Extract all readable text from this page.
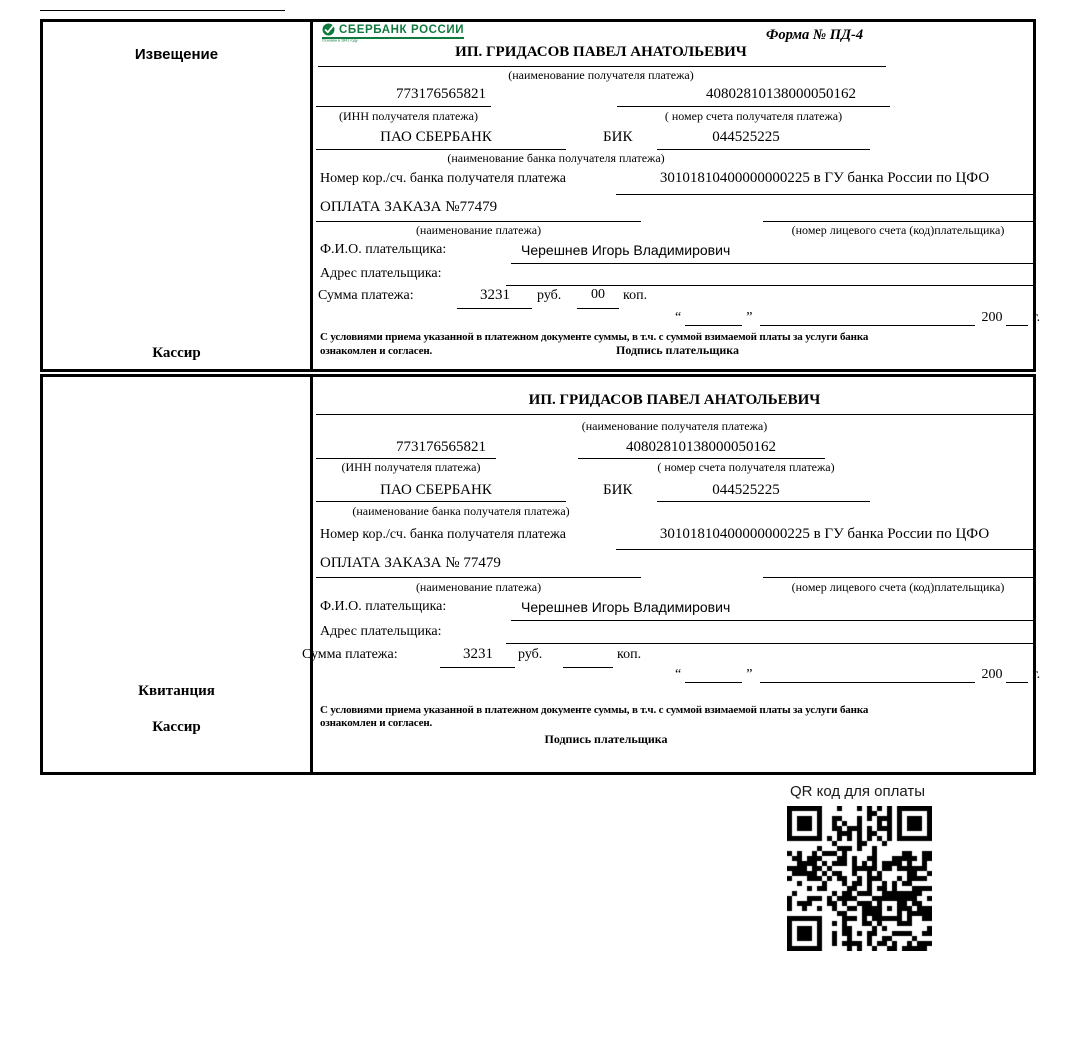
Извещение
Кассир
СБЕРБАНК РОССИИ
Основан в 1841 году	Форма № ПД-4
ИП. ГРИДАСОВ ПАВЕЛ АНАТОЛЬЕВИЧ
(наименование получателя платежа)
773176565821	40802810138000050162
(ИНН получателя платежа)	( номер счета получателя платежа)
ПАО СБЕРБАНК	БИК	044525225
(наименование банка получателя платежа)
Номер кор./сч. банка получателя платежа	30101810400000000225 в ГУ банка России по ЦФО
ОПЛАТА ЗАКАЗА №77479
(наименование платежа)	(номер лицевого счета (код)плательщика)
Ф.И.О. плательщика:	Черешнев Игорь Владимирович
Адрес плательщика:
Сумма платежа:	3231	руб.	00	коп.
“	”	200 г.
С условиями приема указанной в платежном документе суммы, в т.ч. с суммой взимаемой платы за услуги банка
ознакомлен и согласен.	Подпись плательщика
Квитанция
Кассир
ИП. ГРИДАСОВ ПАВЕЛ АНАТОЛЬЕВИЧ
(наименование получателя платежа)
773176565821	40802810138000050162
(ИНН получателя платежа)	( номер счета получателя платежа)
ПАО СБЕРБАНК	БИК	044525225
(наименование банка получателя платежа)
Номер кор./сч. банка получателя платежа	30101810400000000225 в ГУ банка России по ЦФО
ОПЛАТА ЗАКАЗА № 77479
(наименование платежа)	(номер лицевого счета (код)плательщика)
Ф.И.О. плательщика:	Черешнев Игорь Владимирович
Адрес плательщика:
Сумма платежа:	3231	руб.	коп.
“	”	200 г.
С условиями приема указанной в платежном документе суммы, в т.ч. с суммой взимаемой платы за услуги банка
ознакомлен и согласен.
Подпись плательщика
QR код для оплаты
